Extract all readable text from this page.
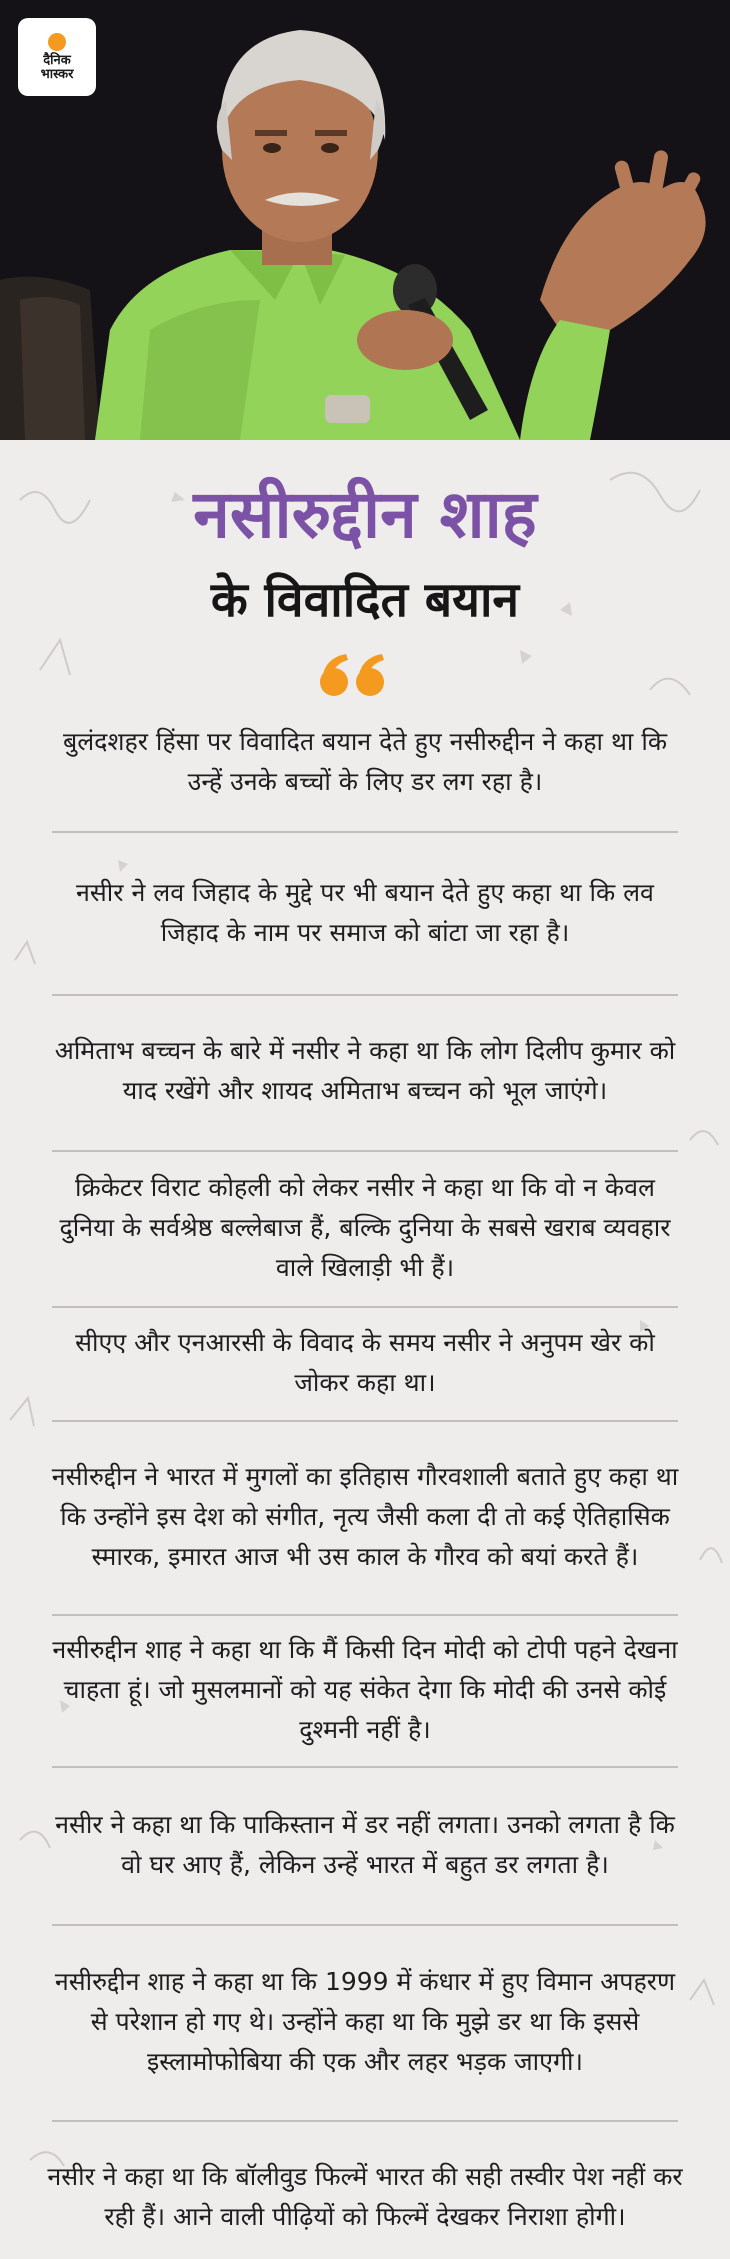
दैनिक
भास्कर
नसीरुद्दीन शाह
के विवादित बयान
बुलंदशहर हिंसा पर विवादित बयान देते हुए नसीरुद्दीन ने कहा था कि उन्हें उनके बच्चों के लिए डर लग रहा है।
नसीर ने लव जिहाद के मुद्दे पर भी बयान देते हुए कहा था कि लव जिहाद के नाम पर समाज को बांटा जा रहा है।
अमिताभ बच्चन के बारे में नसीर ने कहा था कि लोग दिलीप कुमार को याद रखेंगे और शायद अमिताभ बच्चन को भूल जाएंगे।
क्रिकेटर विराट कोहली को लेकर नसीर ने कहा था कि वो न केवल दुनिया के सर्वश्रेष्ठ बल्लेबाज हैं, बल्कि दुनिया के सबसे खराब व्यवहार वाले खिलाड़ी भी हैं।
सीएए और एनआरसी के विवाद के समय नसीर ने अनुपम खेर को जोकर कहा था।
नसीरुद्दीन ने भारत में मुगलों का इतिहास गौरवशाली बताते हुए कहा था कि उन्होंने इस देश को संगीत, नृत्य जैसी कला दी तो कई ऐतिहासिक स्मारक, इमारत आज भी उस काल के गौरव को बयां करते हैं।
नसीरुद्दीन शाह ने कहा था कि मैं किसी दिन मोदी को टोपी पहने देखना चाहता हूं। जो मुसलमानों को यह संकेत देगा कि मोदी की उनसे कोई दुश्मनी नहीं है।
नसीर ने कहा था कि पाकिस्तान में डर नहीं लगता। उनको लगता है कि वो घर आए हैं, लेकिन उन्हें भारत में बहुत डर लगता है।
नसीरुद्दीन शाह ने कहा था कि 1999 में कंधार में हुए विमान अपहरण से परेशान हो गए थे। उन्होंने कहा था कि मुझे डर था कि इससे इस्लामोफोबिया की एक और लहर भड़क जाएगी।
नसीर ने कहा था कि बॉलीवुड फिल्में भारत की सही तस्वीर पेश नहीं कर रही हैं। आने वाली पीढ़ियों को फिल्में देखकर निराशा होगी।
